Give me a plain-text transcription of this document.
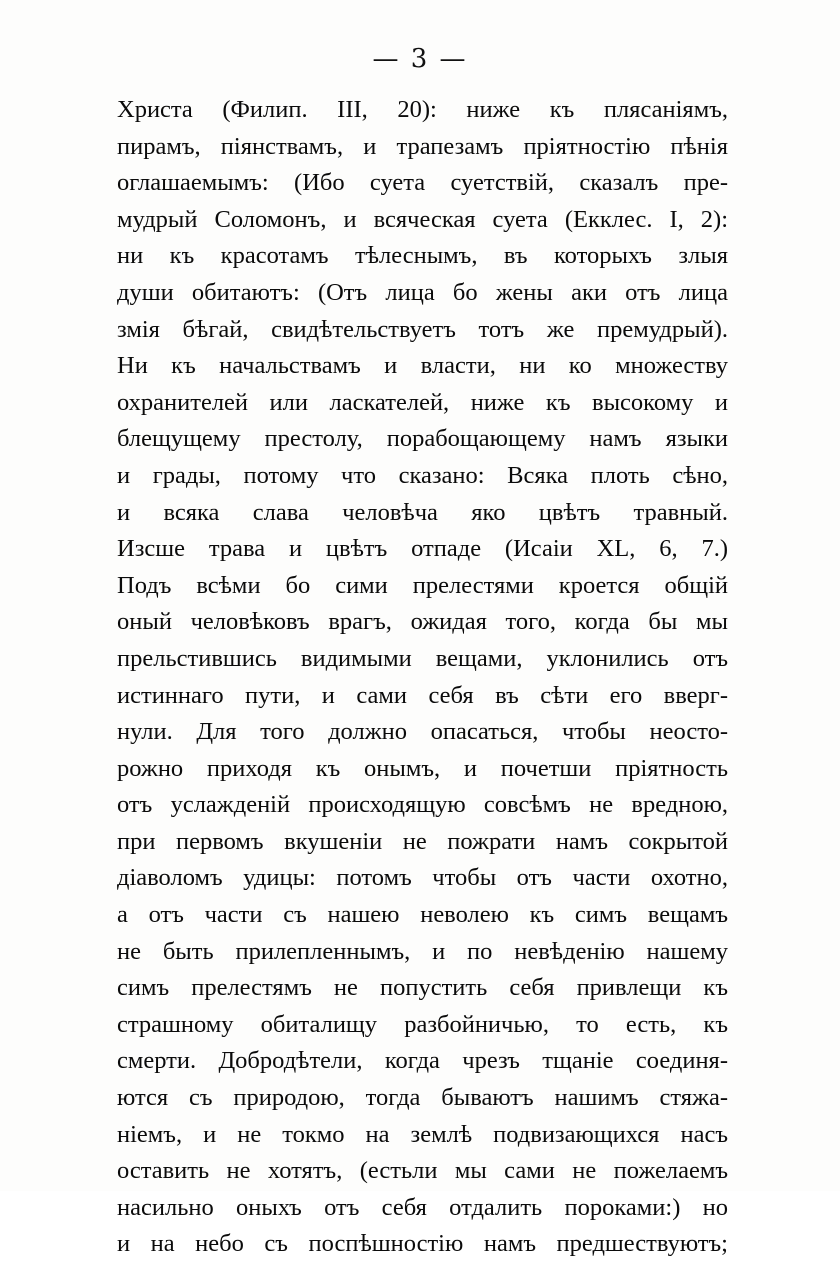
— 3 —
Христа (Филип. III, 20): ниже къ плясаніямъ,
пирамъ, піянствамъ, и трапезамъ пріятностію пѣнія
оглашаемымъ: (Ибо суета суетствій, сказалъ пре-
мудрый Соломонъ, и всяческая суета (Екклес. I, 2):
ни къ красотамъ тѣлеснымъ, въ которыхъ злыя
души обитаютъ: (Отъ лица бо жены аки отъ лица
змія бѣгай, свидѣтельствуетъ тотъ же премудрый).
Ни къ начальствамъ и власти, ни ко множеству
охранителей или ласкателей, ниже къ высокому и
блещущему престолу, порабощающему намъ языки
и грады, потому что сказано: Всяка плоть сѣно,
и всяка слава человѣча яко цвѣтъ травный.
Изсше трава и цвѣтъ отпаде (Исаіи XL, 6, 7.)
Подъ всѣми бо сими прелестями кроется общій
оный человѣковъ врагъ, ожидая того, когда бы мы
прельстившись видимыми вещами, уклонились отъ
истиннаго пути, и сами себя въ сѣти его вверг-
нули. Для того должно опасаться, чтобы неосто-
рожно приходя къ онымъ, и почетши пріятность
отъ услажденій происходящую совсѣмъ не вредною,
при первомъ вкушеніи не пожрати намъ сокрытой
діаволомъ удицы: потомъ чтобы отъ части охотно,
а отъ части съ нашею неволею къ симъ вещамъ
не быть прилепленнымъ, и по невѣденію нашему
симъ прелестямъ не попустить себя привлещи къ
страшному обиталищу разбойничью, то есть, къ
смерти. Добродѣтели, когда чрезъ тщаніе соединя-
ются съ природою, тогда бываютъ нашимъ стяжа-
ніемъ, и не токмо на землѣ подвизающихся насъ
оставить не хотятъ, (естьли мы сами не пожелаемъ
насильно оныхъ отъ себя отдалить пороками:) но
и на небо съ поспѣшностію намъ предшествуютъ;
